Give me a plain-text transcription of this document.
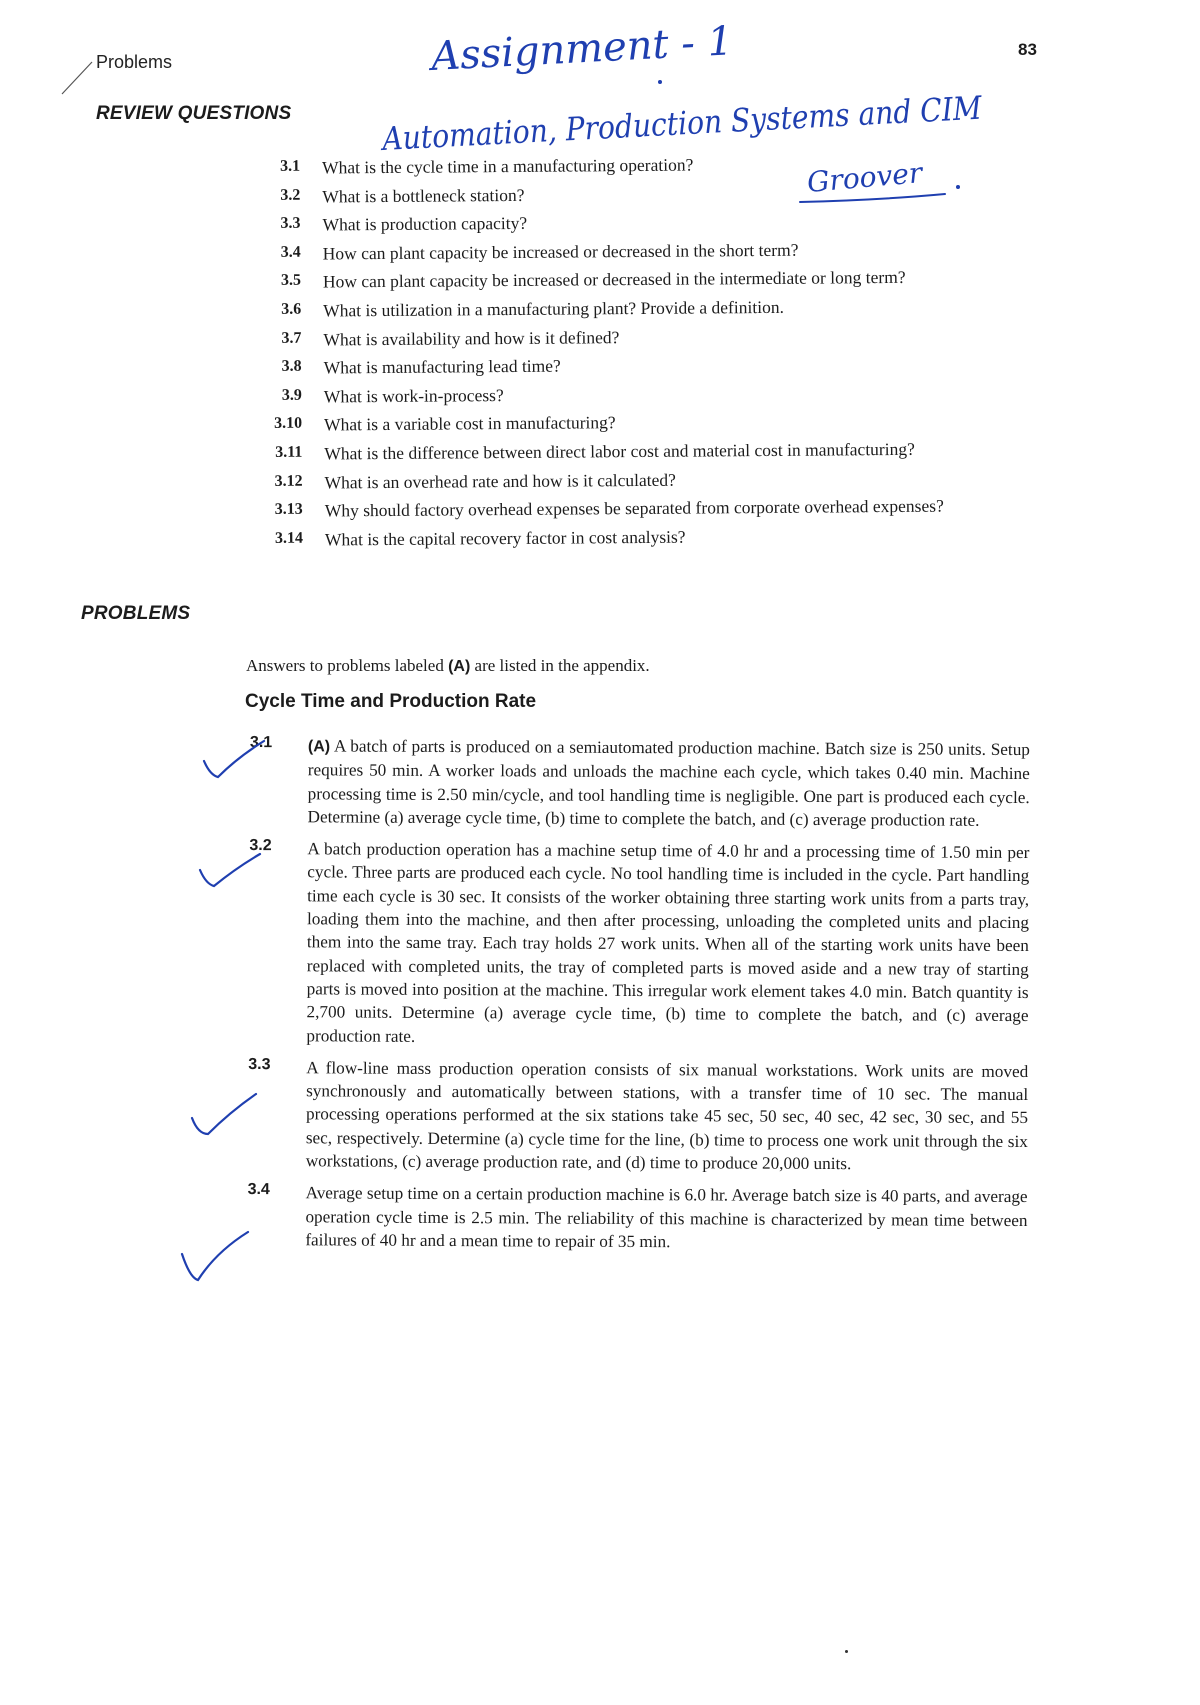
Problems
83
Assignment - 1
Automation, Production Systems and CIM
Groover
REVIEW QUESTIONS
3.1 What is the cycle time in a manufacturing operation?
3.2 What is a bottleneck station?
3.3 What is production capacity?
3.4 How can plant capacity be increased or decreased in the short term?
3.5 How can plant capacity be increased or decreased in the intermediate or long term?
3.6 What is utilization in a manufacturing plant? Provide a definition.
3.7 What is availability and how is it defined?
3.8 What is manufacturing lead time?
3.9 What is work-in-process?
3.10 What is a variable cost in manufacturing?
3.11 What is the difference between direct labor cost and material cost in manufacturing?
3.12 What is an overhead rate and how is it calculated?
3.13 Why should factory overhead expenses be separated from corporate overhead expenses?
3.14 What is the capital recovery factor in cost analysis?
PROBLEMS
Answers to problems labeled (A) are listed in the appendix.
Cycle Time and Production Rate
3.1 (A) A batch of parts is produced on a semiautomated production machine. Batch size is 250 units. Setup requires 50 min. A worker loads and unloads the machine each cycle, which takes 0.40 min. Machine processing time is 2.50 min/cycle, and tool handling time is negligible. One part is produced each cycle. Determine (a) average cycle time, (b) time to complete the batch, and (c) average production rate.
3.2 A batch production operation has a machine setup time of 4.0 hr and a processing time of 1.50 min per cycle. Three parts are produced each cycle. No tool handling time is included in the cycle. Part handling time each cycle is 30 sec. It consists of the worker obtaining three starting work units from a parts tray, loading them into the machine, and then after processing, unloading the completed units and placing them into the same tray. Each tray holds 27 work units. When all of the starting work units have been replaced with completed units, the tray of completed parts is moved aside and a new tray of starting parts is moved into position at the machine. This irregular work element takes 4.0 min. Batch quantity is 2,700 units. Determine (a) average cycle time, (b) time to complete the batch, and (c) average production rate.
3.3 A flow-line mass production operation consists of six manual workstations. Work units are moved synchronously and automatically between stations, with a transfer time of 10 sec. The manual processing operations performed at the six stations take 45 sec, 50 sec, 40 sec, 42 sec, 30 sec, and 55 sec, respectively. Determine (a) cycle time for the line, (b) time to process one work unit through the six workstations, (c) average production rate, and (d) time to produce 20,000 units.
3.4 Average setup time on a certain production machine is 6.0 hr. Average batch size is 40 parts, and average operation cycle time is 2.5 min. The reliability of this machine is characterized by mean time between failures of 40 hr and a mean time to repair of 35 min.
